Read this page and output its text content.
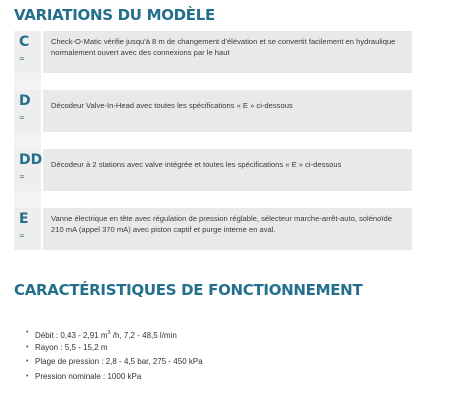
VARIATIONS DU MODÈLE
C
=
Check-O-Matic vérifie jusqu'à 8 m de changement d'élévation et se convertit facilement en hydraulique normalement ouvert avec des connexions par le haut
D
=
Décodeur Valve-In-Head avec toutes les spécifications « E » ci-dessous
DD
=
Décodeur à 2 stations avec valve intégrée et toutes les spécifications « E » ci-dessous
E
=
Vanne électrique en tête avec régulation de pression réglable, sélecteur marche-arrêt-auto, solénoïde 210 mA (appel 370 mA) avec piston captif et purge interne en aval.
CARACTÉRISTIQUES DE FONCTIONNEMENT
• Débit : 0,43 - 2,91 $m^3$ /h, 7,2 - 48,5 l/min
• Rayon : 5,5 - 15,2 m
• Plage de pression : 2,8 - 4,5 bar, 275 - 450 kPa
• Pression nominale : 1000 kPa
